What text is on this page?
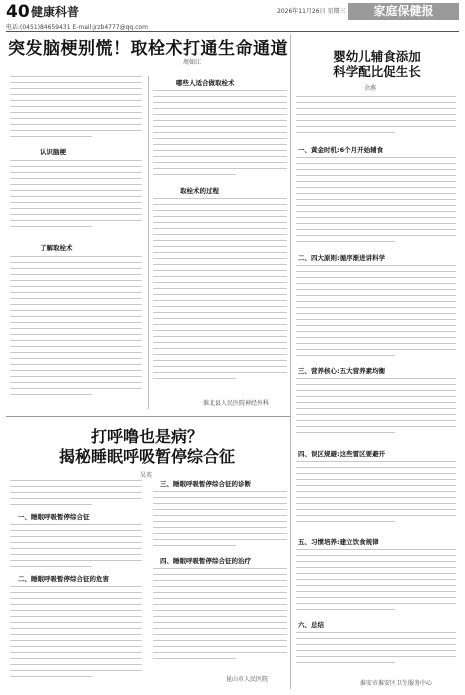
40 健康科普	2026年11月26日 星期三	家庭保健报
电话:(0451)84659431 E-mail:jrzb4777@qq.com
突发脑梗别慌！取栓术打通生命通道
周如江
认识脑梗
了解取栓术
哪些人适合做取栓术
取栓术的过程
淮北县人民医院神经外科
打呼噜也是病？
揭秘睡眠呼吸暂停综合征
吴英
一、睡眠呼吸暂停综合征
二、睡眠呼吸暂停综合征的危害
三、睡眠呼吸暂停综合征的诊断
四、睡眠呼吸暂停综合征的治疗
昆山市人民医院
婴幼儿辅食添加
科学配比促生长
余燕
一、黄金时机:6个月开始辅食
二、四大原则:循序渐进讲科学
三、营养核心:五大营养素均衡
四、误区规避:这些雷区要避开
五、习惯培养:建立饮食规律
六、总结
淮安市淮安区卫生服务中心
